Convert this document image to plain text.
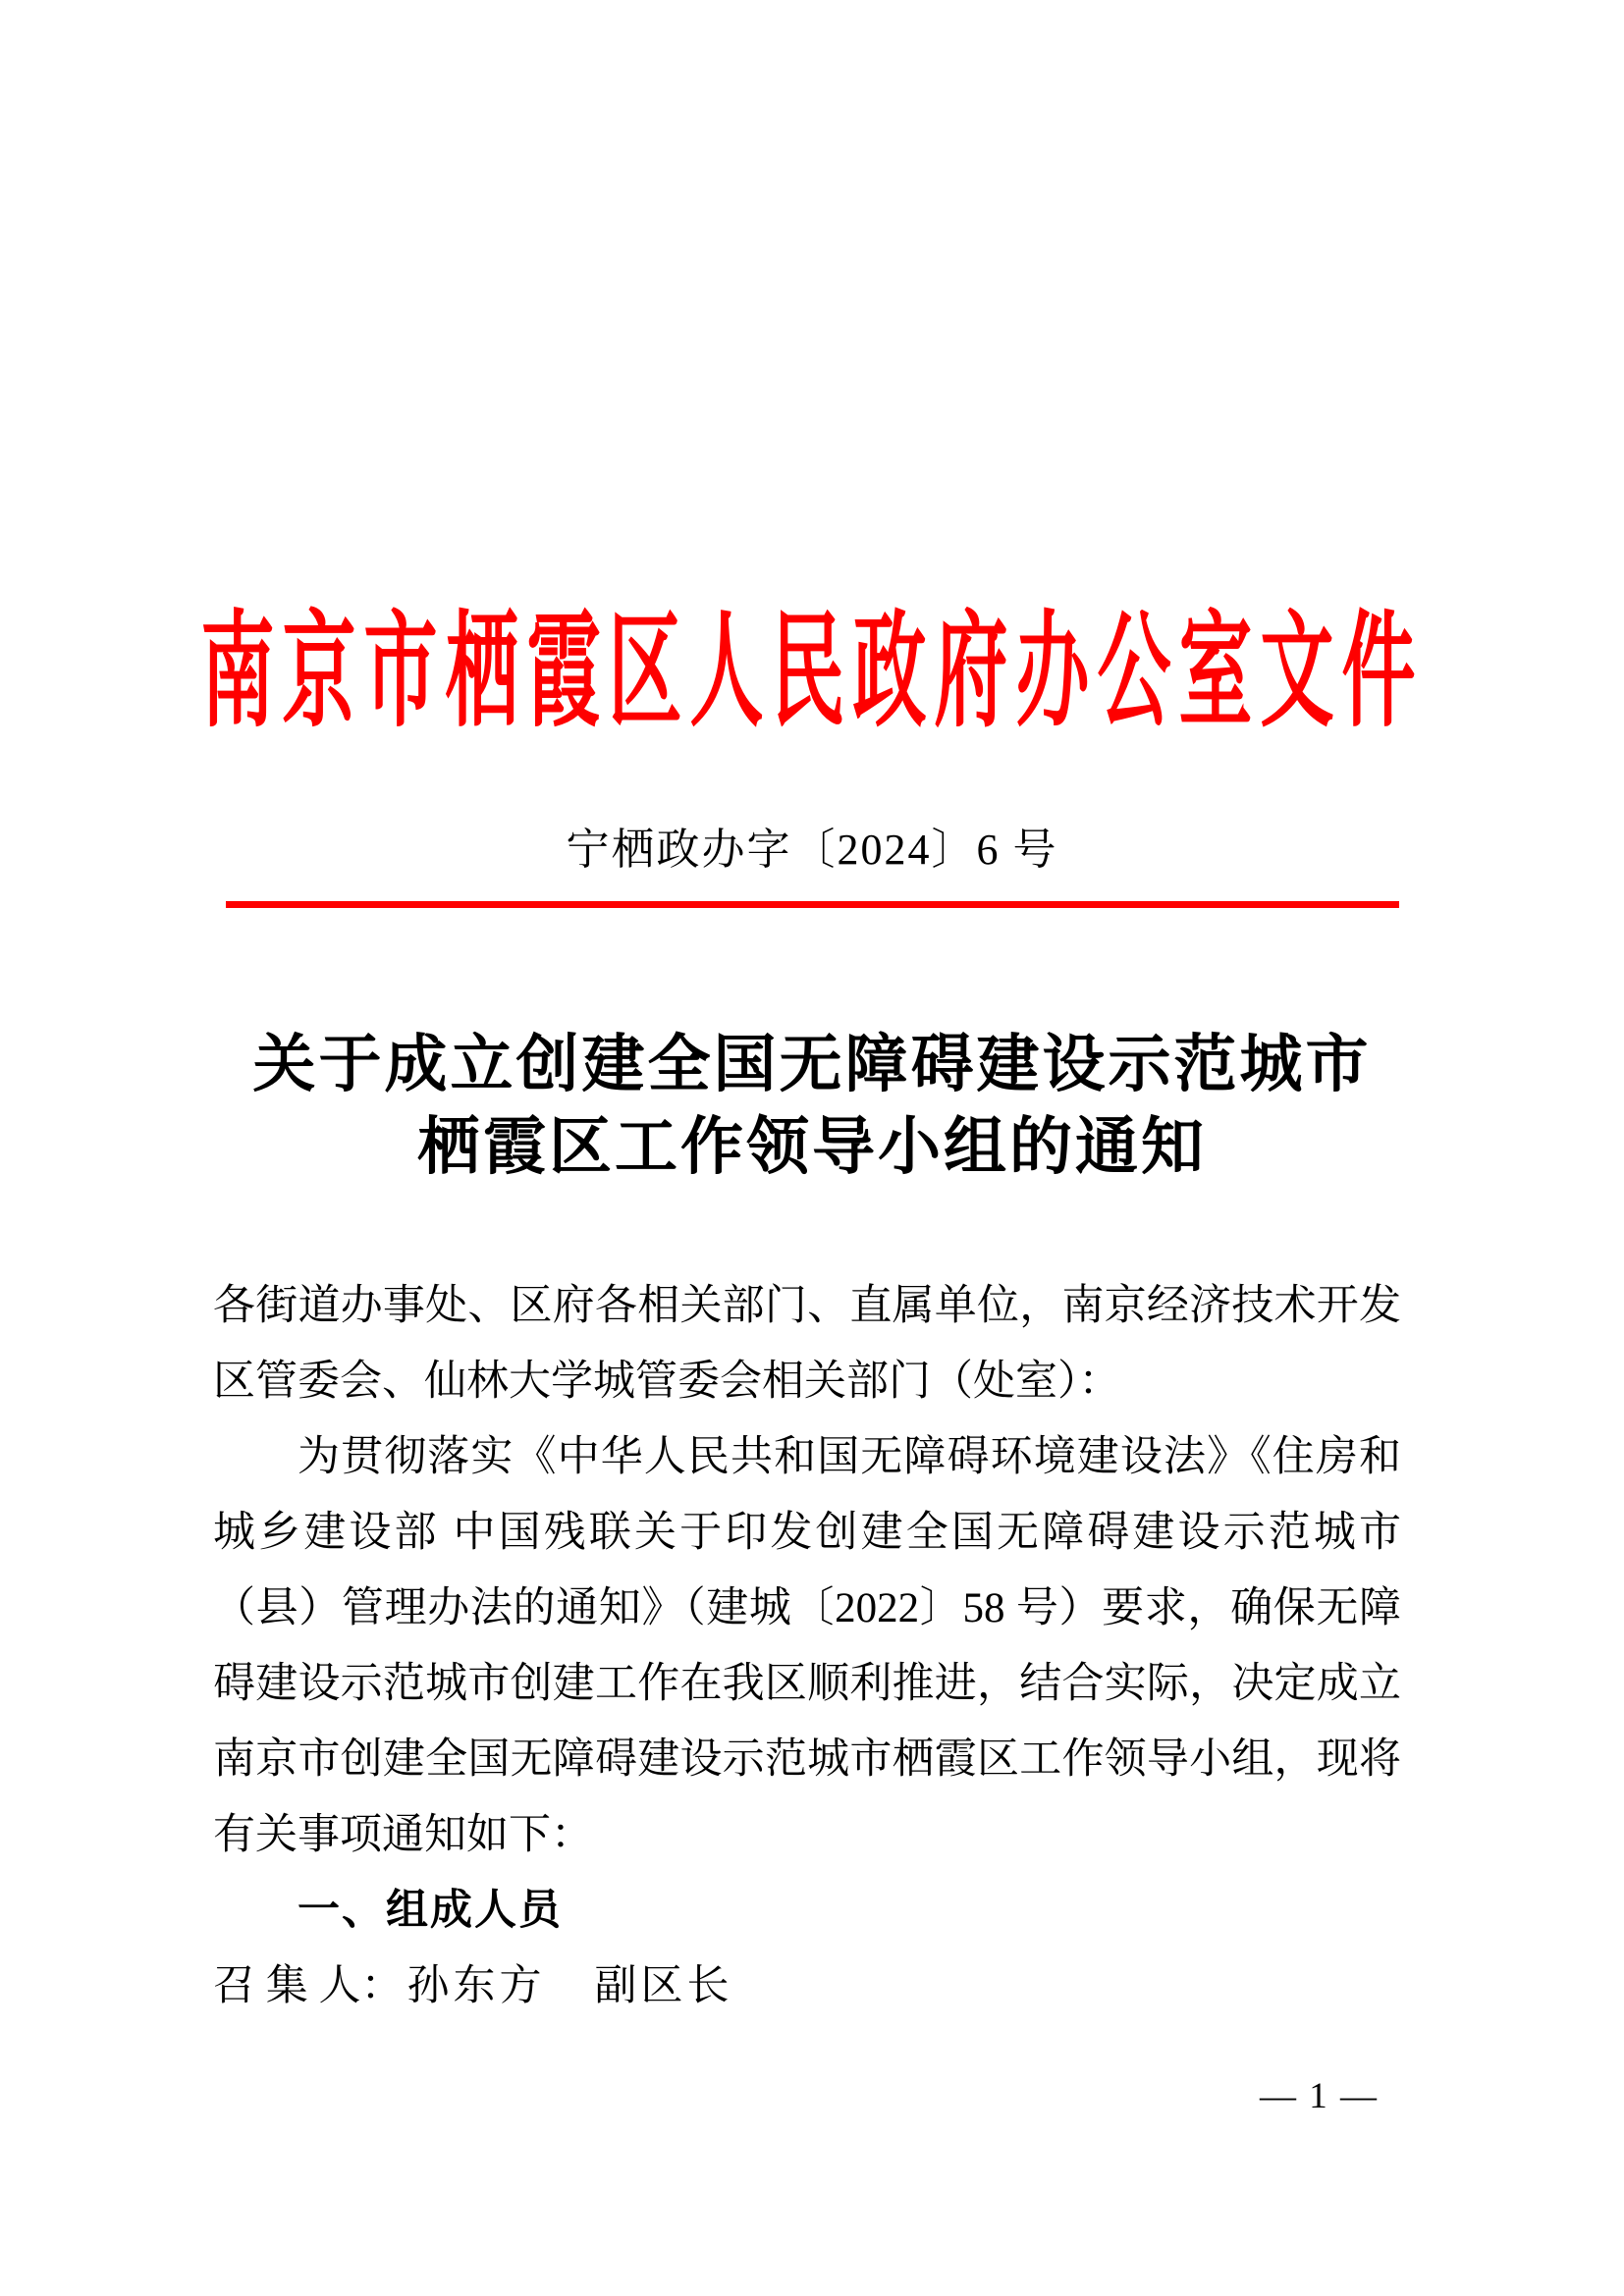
南京市栖霞区人民政府办公室文件
宁栖政办字〔2024〕6 号
关于成立创建全国无障碍建设示范城市
栖霞区工作领导小组的通知

各街道办事处、区府各相关部门、直属单位，南京经济技术开发区管委会、仙林大学城管委会相关部门（处室）：

为贯彻落实《中华人民共和国无障碍环境建设法》《住房和城乡建设部 中国残联关于印发创建全国无障碍建设示范城市（县）管理办法的通知》（建城〔2022〕58 号）要求，确保无障碍建设示范城市创建工作在我区顺利推进，结合实际，决定成立南京市创建全国无障碍建设示范城市栖霞区工作领导小组，现将有关事项通知如下：

一、组成人员

召 集 人：孙东方 副区长

— 1 —
